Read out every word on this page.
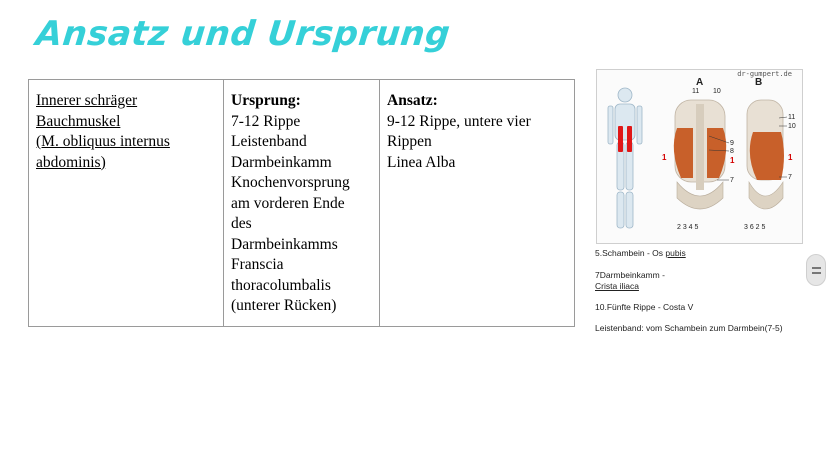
Ansatz und Ursprung
Innerer schräger
Bauchmuskel
(M. obliquus internus
abdominis)

Ursprung:
7-12 Rippe
Leistenband
Darmbeinkamm
Knochenvorsprung
am vorderen Ende
des
Darmbeinkamms
Franscia
thoracolumbalis
(unterer Rücken)

Ansatz:
9-12 Rippe, untere vier
Rippen
Linea Alba
dr-gumpert.de
A	B
11 10
9
8
1	1
7
11
10
1
7
2 3 4 5	3 6 2 5
5.Schambein - Os pubis
7Darmbeinkamm -
Crista iliaca
10.Fünfte Rippe - Costa V
Leistenband: vom Schambein zum Darmbein(7-5)
